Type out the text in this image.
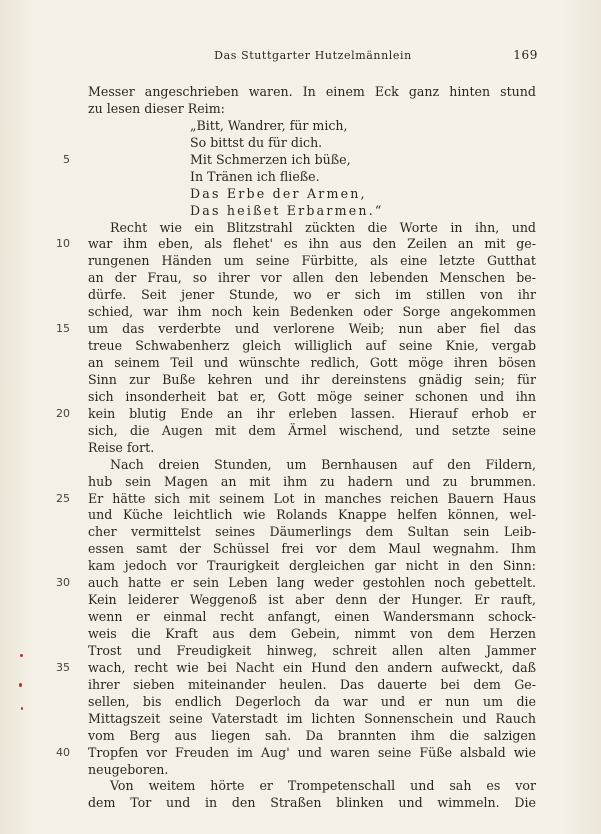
Das Stuttgarter Hutzelmännlein	169
Messer angeschrieben waren. In einem Eck ganz hinten stund
zu lesen dieser Reim:
„Bitt, Wandrer, für mich,
So bittst du für dich.
5	Mit Schmerzen ich büße,
In Tränen ich fließe.
Das Erbe der Armen,
Das heißet Erbarmen.“
Recht wie ein Blitzstrahl zückten die Worte in ihn, und
10 war ihm eben, als flehet' es ihn aus den Zeilen an mit ge-
rungenen Händen um seine Fürbitte, als eine letzte Gutthat
an der Frau, so ihrer vor allen den lebenden Menschen be-
dürfe. Seit jener Stunde, wo er sich im stillen von ihr
schied, war ihm noch kein Bedenken oder Sorge angekommen
15 um das verderbte und verlorene Weib; nun aber fiel das
treue Schwabenherz gleich williglich auf seine Knie, vergab
an seinem Teil und wünschte redlich, Gott möge ihren bösen
Sinn zur Buße kehren und ihr dereinstens gnädig sein; für
sich insonderheit bat er, Gott möge seiner schonen und ihn
20 kein blutig Ende an ihr erleben lassen. Hierauf erhob er
sich, die Augen mit dem Ärmel wischend, und setzte seine
Reise fort.
Nach dreien Stunden, um Bernhausen auf den Fildern,
hub sein Magen an mit ihm zu hadern und zu brummen.
25 Er hätte sich mit seinem Lot in manches reichen Bauern Haus
und Küche leichtlich wie Rolands Knappe helfen können, wel-
cher vermittelst seines Däumerlings dem Sultan sein Leib-
essen samt der Schüssel frei vor dem Maul wegnahm. Ihm
kam jedoch vor Traurigkeit dergleichen gar nicht in den Sinn:
30 auch hatte er sein Leben lang weder gestohlen noch gebettelt.
Kein leiderer Weggenoß ist aber denn der Hunger. Er rauft,
wenn er einmal recht anfangt, einen Wandersmann schock-
weis die Kraft aus dem Gebein, nimmt von dem Herzen
Trost und Freudigkeit hinweg, schreit allen alten Jammer
35 wach, recht wie bei Nacht ein Hund den andern aufweckt, daß
ihrer sieben miteinander heulen. Das dauerte bei dem Ge-
sellen, bis endlich Degerloch da war und er nun um die
Mittagszeit seine Vaterstadt im lichten Sonnenschein und Rauch
vom Berg aus liegen sah. Da brannten ihm die salzigen
40 Tropfen vor Freuden im Aug' und waren seine Füße alsbald wie
neugeboren.
Von weitem hörte er Trompetenschall und sah es vor
dem Tor und in den Straßen blinken und wimmeln. Die
